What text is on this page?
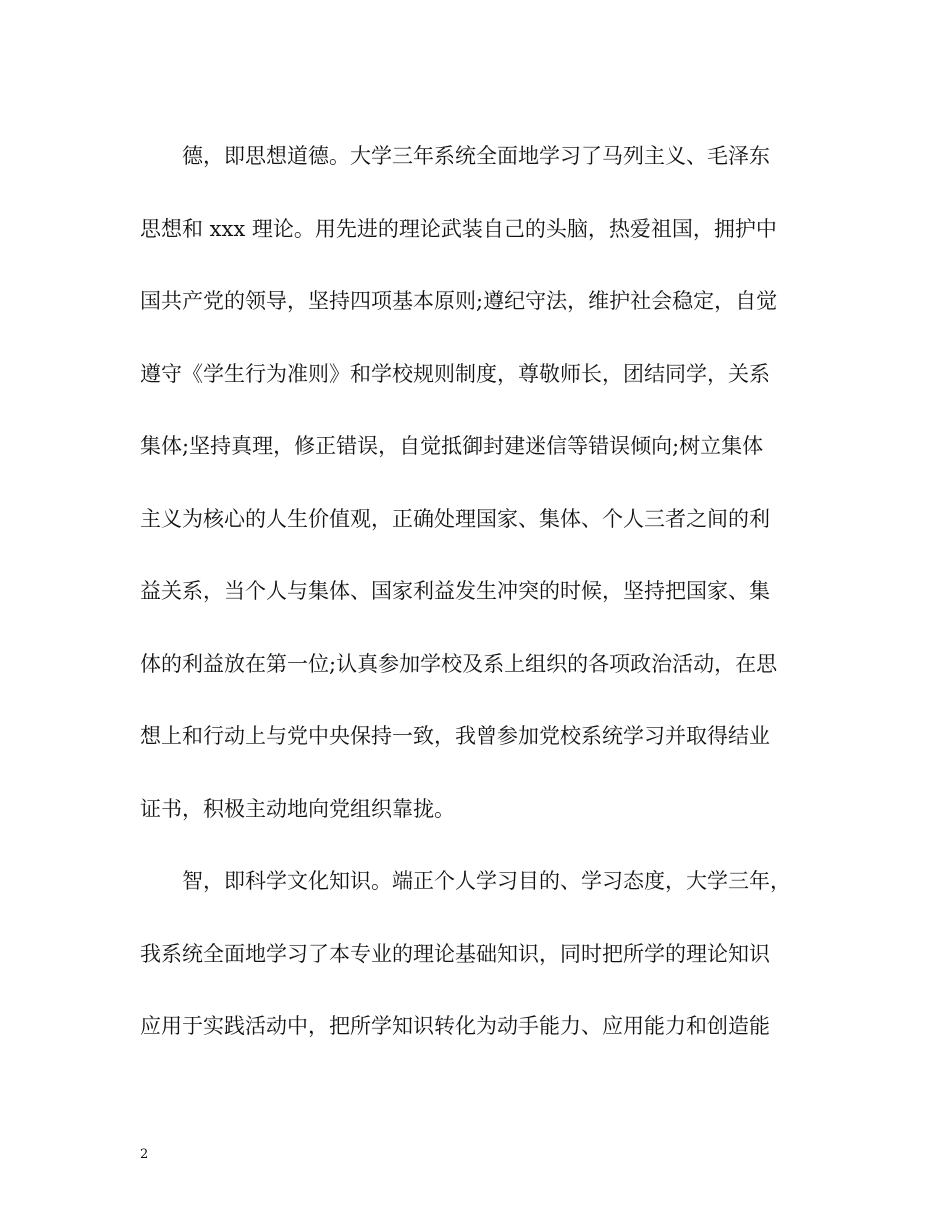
德，即思想道德。大学三年系统全面地学习了马列主义、毛泽东
思想和 xxx 理论。用先进的理论武装自己的头脑，热爱祖国，拥护中
国共产党的领导，坚持四项基本原则;遵纪守法，维护社会稳定，自觉
遵守《学生行为准则》和学校规则制度，尊敬师长，团结同学，关系
集体;坚持真理，修正错误，自觉抵御封建迷信等错误倾向;树立集体
主义为核心的人生价值观，正确处理国家、集体、个人三者之间的利
益关系，当个人与集体、国家利益发生冲突的时候，坚持把国家、集
体的利益放在第一位;认真参加学校及系上组织的各项政治活动，在思
想上和行动上与党中央保持一致，我曾参加党校系统学习并取得结业
证书，积极主动地向党组织靠拢。

智，即科学文化知识。端正个人学习目的、学习态度，大学三年，
我系统全面地学习了本专业的理论基础知识，同时把所学的理论知识
应用于实践活动中，把所学知识转化为动手能力、应用能力和创造能

2
